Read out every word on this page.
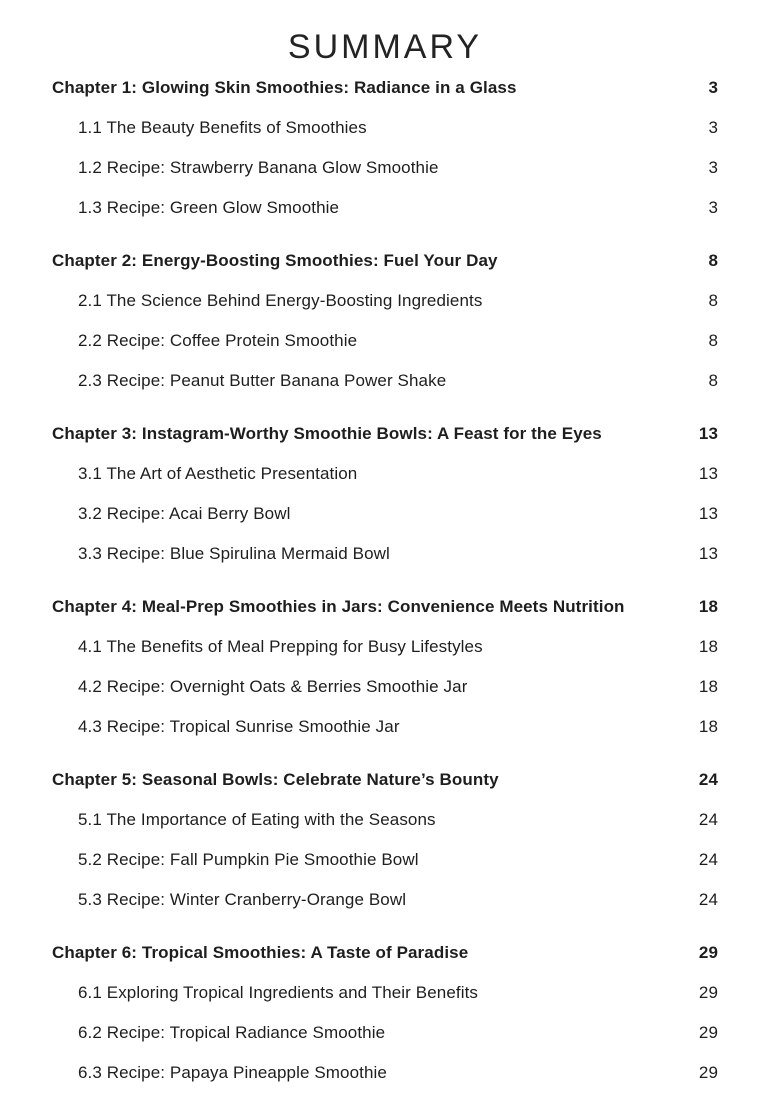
SUMMARY
Chapter 1: Glowing Skin Smoothies: Radiance in a Glass	3
1.1 The Beauty Benefits of Smoothies	3
1.2 Recipe: Strawberry Banana Glow Smoothie	3
1.3 Recipe: Green Glow Smoothie	3
Chapter 2: Energy-Boosting Smoothies: Fuel Your Day	8
2.1 The Science Behind Energy-Boosting Ingredients	8
2.2 Recipe: Coffee Protein Smoothie	8
2.3 Recipe: Peanut Butter Banana Power Shake	8
Chapter 3: Instagram-Worthy Smoothie Bowls: A Feast for the Eyes	13
3.1 The Art of Aesthetic Presentation	13
3.2 Recipe: Acai Berry Bowl	13
3.3 Recipe: Blue Spirulina Mermaid Bowl	13
Chapter 4: Meal-Prep Smoothies in Jars: Convenience Meets Nutrition	18
4.1 The Benefits of Meal Prepping for Busy Lifestyles	18
4.2 Recipe: Overnight Oats & Berries Smoothie Jar	18
4.3 Recipe: Tropical Sunrise Smoothie Jar	18
Chapter 5: Seasonal Bowls: Celebrate Nature’s Bounty	24
5.1 The Importance of Eating with the Seasons	24
5.2 Recipe: Fall Pumpkin Pie Smoothie Bowl	24
5.3 Recipe: Winter Cranberry-Orange Bowl	24
Chapter 6: Tropical Smoothies: A Taste of Paradise	29
6.1 Exploring Tropical Ingredients and Their Benefits	29
6.2 Recipe: Tropical Radiance Smoothie	29
6.3 Recipe: Papaya Pineapple Smoothie	29
